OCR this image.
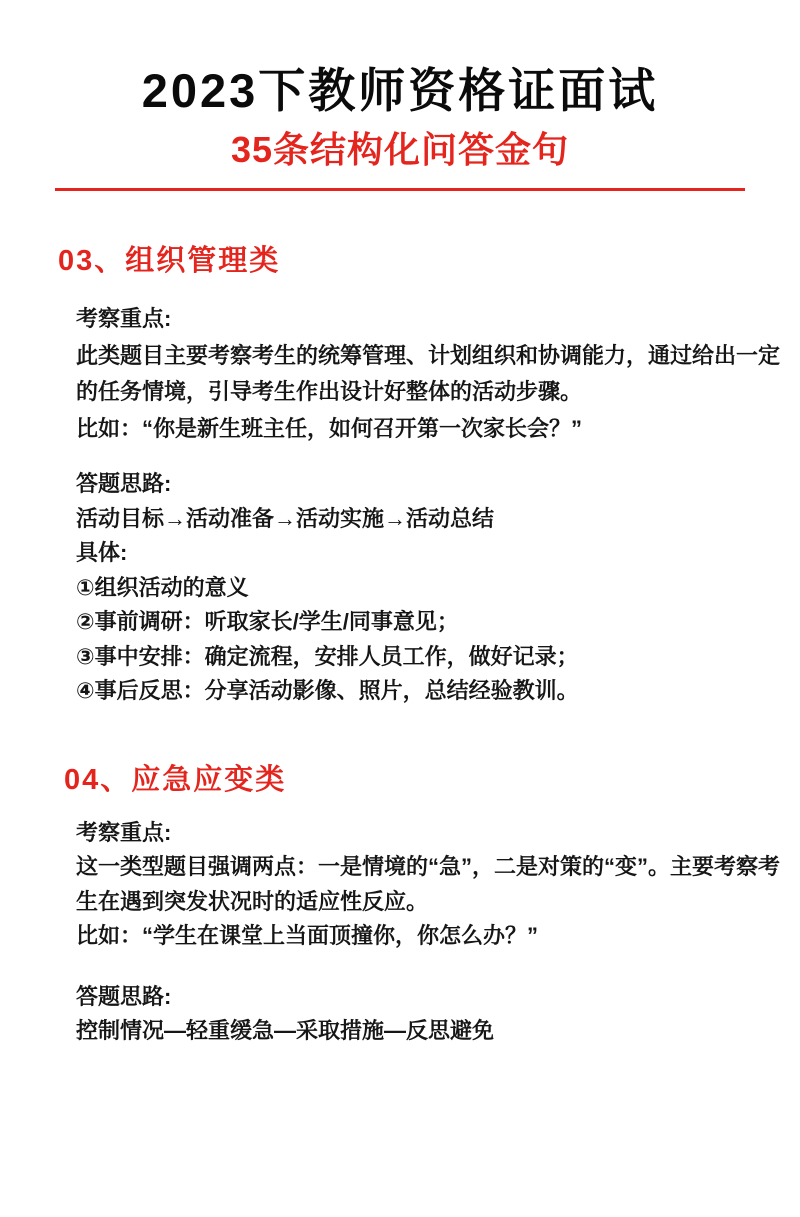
2023下教师资格证面试
35条结构化问答金句
03、组织管理类
考察重点:
此类题目主要考察考生的统筹管理、计划组织和协调能力，通过给出一定
的任务情境，引导考生作出设计好整体的活动步骤。
比如：“你是新生班主任，如何召开第一次家长会？”
答题思路:
活动目标→活动准备→活动实施→活动总结
具体:
①组织活动的意义
②事前调研：听取家长/学生/同事意见；
③事中安排：确定流程，安排人员工作，做好记录；
④事后反思：分享活动影像、照片，总结经验教训。
04、应急应变类
考察重点:
这一类型题目强调两点：一是情境的“急”，二是对策的“变”。主要考察考
生在遇到突发状况时的适应性反应。
比如：“学生在课堂上当面顶撞你，你怎么办？”
答题思路:
控制情况—轻重缓急—采取措施—反思避免
